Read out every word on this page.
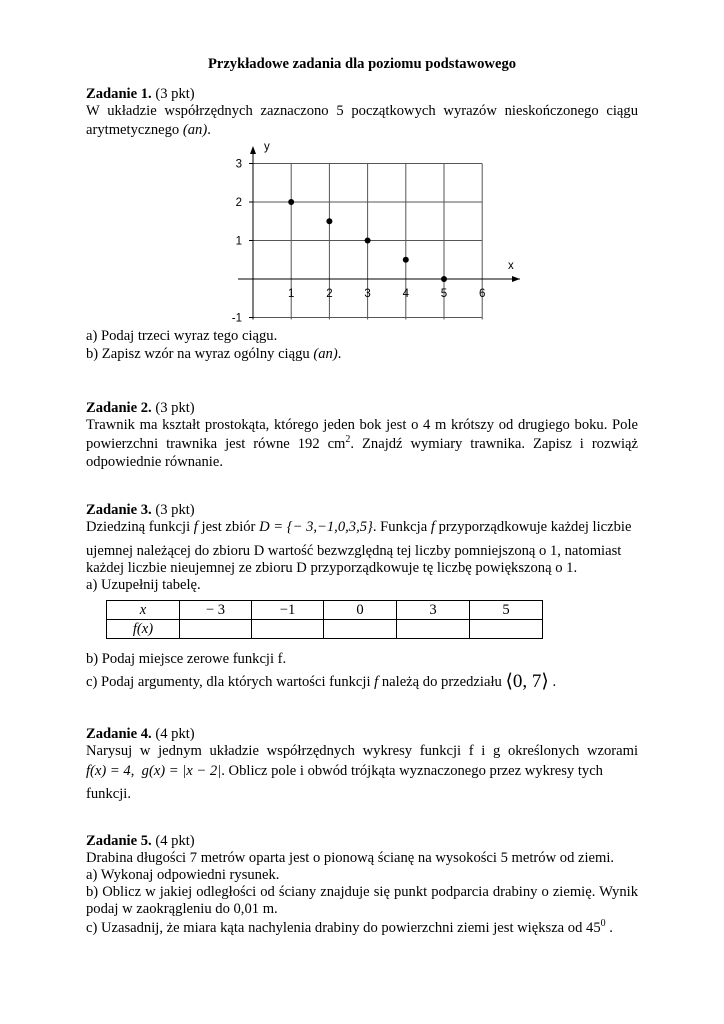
Przykładowe zadania dla poziomu podstawowego
Zadanie 1. (3 pkt)
W układzie współrzędnych zaznaczono 5 początkowych wyrazów nieskończonego ciągu
arytmetycznego (an).
y
x
1	2	3	4	5	6
3
2
1
-1
a) Podaj trzeci wyraz tego ciągu.
b) Zapisz wzór na wyraz ogólny ciągu (an).
Zadanie 2. (3 pkt)
Trawnik ma kształt prostokąta, którego jeden bok jest o 4 m krótszy od drugiego boku. Pole
powierzchni trawnika jest równe 192 $cm^2$. Znajdź wymiary trawnika. Zapisz i rozwiąż
odpowiednie równanie.
Zadanie 3. (3 pkt)
Dziedziną funkcji f jest zbiór D = {− 3,−1,0,3,5}. Funkcja f przyporządkowuje każdej liczbie
ujemnej należącej do zbioru D wartość bezwzględną tej liczby pomniejszoną o 1, natomiast
każdej liczbie nieujemnej ze zbioru D przyporządkowuje tę liczbę powiększoną o 1.
a) Uzupełnij tabelę.
x	− 3	−1	0	3	5
f(x)					
b) Podaj miejsce zerowe funkcji f.
c) Podaj argumenty, dla których wartości funkcji f należą do przedziału ⟨0, 7⟩ .
Zadanie 4. (4 pkt)
Narysuj w jednym układzie współrzędnych wykresy funkcji f i g określonych wzorami
f(x) = 4,  g(x) = |x − 2|. Oblicz pole i obwód trójkąta wyznaczonego przez wykresy tych
funkcji.
Zadanie 5. (4 pkt)
Drabina długości 7 metrów oparta jest o pionową ścianę na wysokości 5 metrów od ziemi.
a) Wykonaj odpowiedni rysunek.
b) Oblicz w jakiej odległości od ściany znajduje się punkt podparcia drabiny o ziemię. Wynik
podaj w zaokrągleniu do 0,01 m.
c) Uzasadnij, że miara kąta nachylenia drabiny do powierzchni ziemi jest większa od $45^0$ .
